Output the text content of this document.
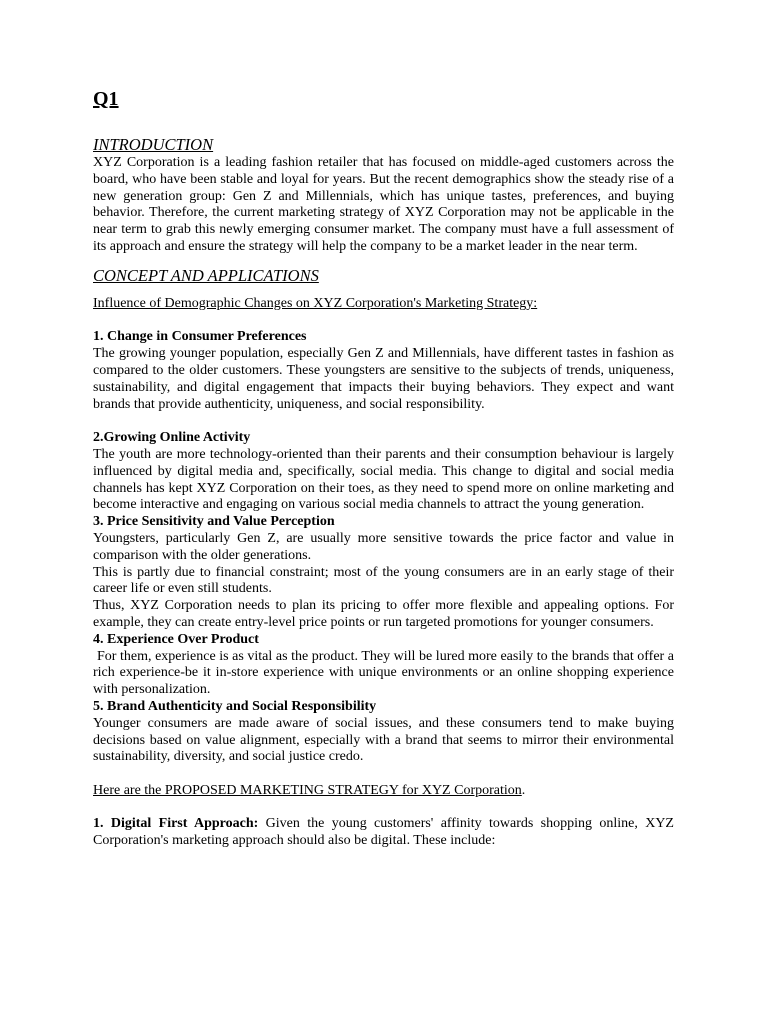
Q1
INTRODUCTION

XYZ Corporation is a leading fashion retailer that has focused on middle-aged customers across the board, who have been stable and loyal for years. But the recent demographics show the steady rise of a new generation group: Gen Z and Millennials, which has unique tastes, preferences, and buying behavior. Therefore, the current marketing strategy of XYZ Corporation may not be applicable in the near term to grab this newly emerging consumer market. The company must have a full assessment of its approach and ensure the strategy will help the company to be a market leader in the near term.

CONCEPT AND APPLICATIONS

Influence of Demographic Changes on XYZ Corporation's Marketing Strategy:

1. Change in Consumer Preferences

The growing younger population, especially Gen Z and Millennials, have different tastes in fashion as compared to the older customers. These youngsters are sensitive to the subjects of trends, uniqueness, sustainability, and digital engagement that impacts their buying behaviors. They expect and want brands that provide authenticity, uniqueness, and social responsibility.

2.Growing Online Activity

The youth are more technology-oriented than their parents and their consumption behaviour is largely influenced by digital media and, specifically, social media. This change to digital and social media channels has kept XYZ Corporation on their toes, as they need to spend more on online marketing and become interactive and engaging on various social media channels to attract the young generation.

3. Price Sensitivity and Value Perception

Youngsters, particularly Gen Z, are usually more sensitive towards the price factor and value in comparison with the older generations.

This is partly due to financial constraint; most of the young consumers are in an early stage of their career life or even still students.

Thus, XYZ Corporation needs to plan its pricing to offer more flexible and appealing options. For example, they can create entry-level price points or run targeted promotions for younger consumers.

4. Experience Over Product

For them, experience is as vital as the product. They will be lured more easily to the brands that offer a rich experience-be it in-store experience with unique environments or an online shopping experience with personalization.

5. Brand Authenticity and Social Responsibility

Younger consumers are made aware of social issues, and these consumers tend to make buying decisions based on value alignment, especially with a brand that seems to mirror their environmental sustainability, diversity, and social justice credo.

Here are the PROPOSED MARKETING STRATEGY for XYZ Corporation.

1. Digital First Approach: Given the young customers' affinity towards shopping online, XYZ Corporation's marketing approach should also be digital. These include:
